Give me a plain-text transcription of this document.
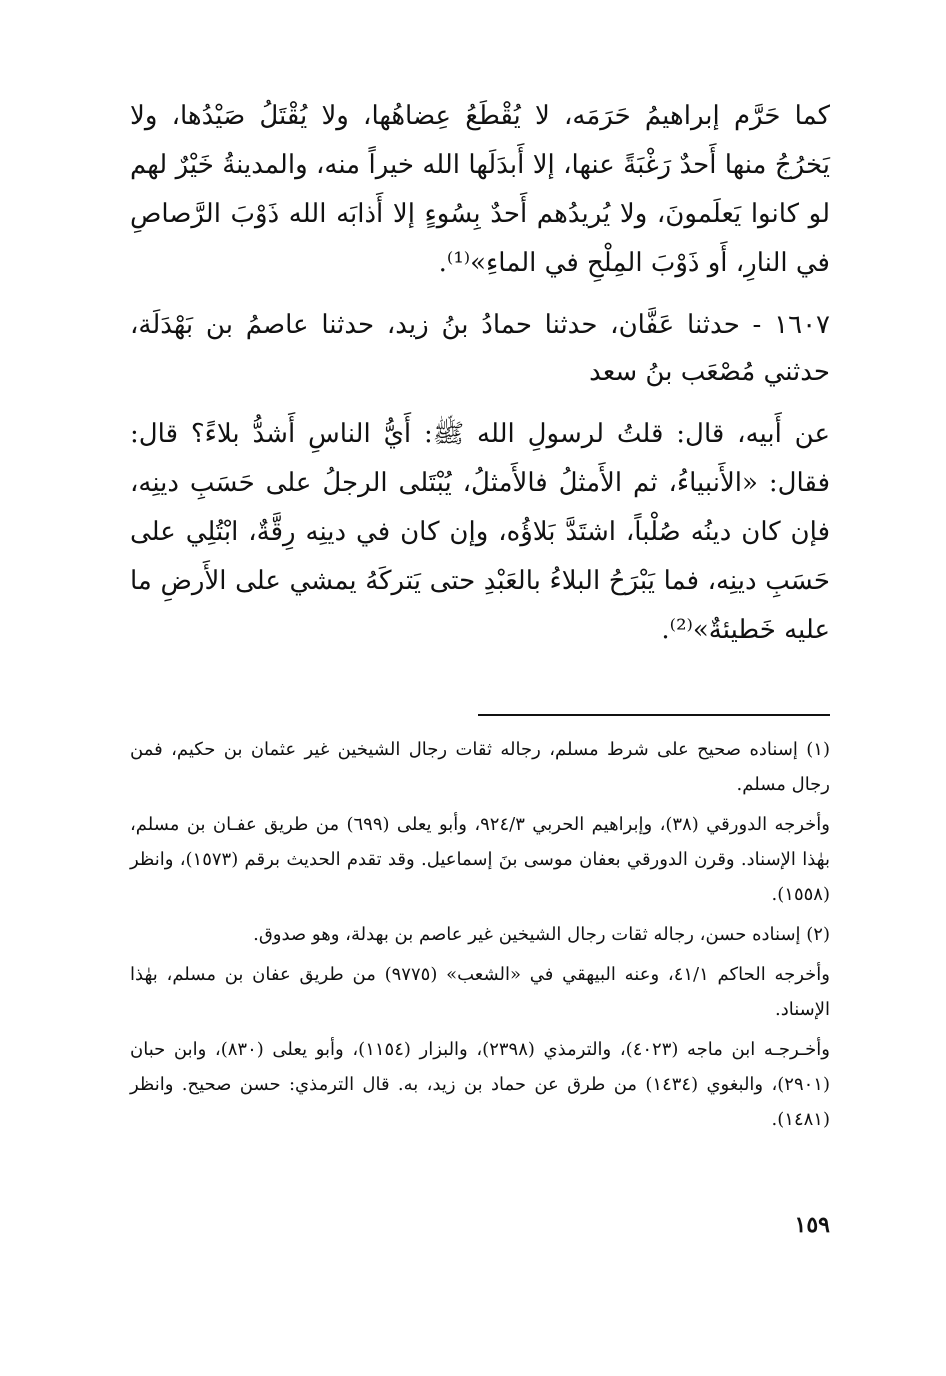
كما حَرَّم إبراهيمُ حَرَمَه، لا يُقْطَعُ عِضاهُها، ولا يُقْتَلُ صَيْدُها، ولا يَخرُجُ منها أَحدٌ رَغْبَةً عنها، إلا أَبدَلَها الله خيراً منه، والمدينةُ خَيْرٌ لهم لو كانوا يَعلَمونَ، ولا يُريدُهم أَحدٌ بِسُوءٍ إلا أَذابَه الله ذَوْبَ الرَّصاصِ في النارِ، أَو ذَوْبَ المِلْحِ في الماءِ»⁽¹⁾.

١٦٠٧ - حدثنا عَفَّان، حدثنا حمادُ بنُ زيد، حدثنا عاصمُ بن بَهْدَلَة، حدثني مُصْعَب بنُ سعد

عن أَبيه، قال: قلتُ لرسولِ الله ﷺ: أَيُّ الناسِ أَشدُّ بلاءً؟ قال: فقال: «الأَنبياءُ، ثم الأَمثلُ فالأَمثلُ، يُبْتَلى الرجلُ على حَسَبِ دينِه، فإن كان دينُه صُلْباً، اشتَدَّ بَلاؤُه، وإن كان في دينِه رِقَّةٌ، ابْتُلِي على حَسَبِ دينِه، فما يَبْرَحُ البلاءُ بالعَبْدِ حتى يَتركَهُ يمشي على الأَرضِ ما عليه خَطيئةٌ»⁽²⁾.

(١) إسناده صحيح على شرط مسلم، رجاله ثقات رجال الشيخين غير عثمان بن حكيم، فمن رجال مسلم.

وأخرجه الدورقي (٣٨)، وإبراهيم الحربي ٩٢٤/٣، وأبو يعلى (٦٩٩) من طريق عفـان بن مسلم، بهٰذا الإسناد. وقرن الدورقي بعفان موسى بنَ إسماعيل. وقد تقدم الحديث برقم (١٥٧٣)، وانظر (١٥٥٨).

(٢) إسناده حسن، رجاله ثقات رجال الشيخين غير عاصم بن بهدلة، وهو صدوق.

وأخرجه الحاكم ٤١/١، وعنه البيهقي في «الشعب» (٩٧٧٥) من طريق عفان بن مسلم، بهٰذا الإسناد.

وأخـرجـه ابن ماجه (٤٠٢٣)، والترمذي (٢٣٩٨)، والبزار (١١٥٤)، وأبو يعلى (٨٣٠)، وابن حبان (٢٩٠١)، والبغوي (١٤٣٤) من طرق عن حماد بن زيد، به. قال الترمذي: حسن صحيح. وانظر (١٤٨١).

١٥٩
